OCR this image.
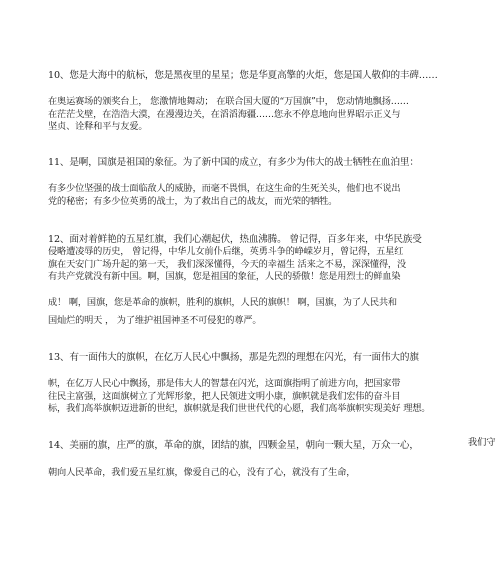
10、您是大海中的航标，您是黑夜里的星星；您是华夏高擎的火炬，您是国人敬仰的丰碑……
在奥运赛场的颁奖台上， 您激情地舞动； 在联合国大厦的“万国旗”中， 您动情地飘扬……
在茫茫戈壁，在浩浩大漠，在漫漫边关，在滔滔海疆……您永不停息地向世界昭示正义与
坚贞、诠释和平与友爱。
11、是啊，国旗是祖国的象征。为了新中国的成立，有多少为伟大的战士牺牲在血泊里：
有多少位坚强的战士面临敌人的威胁，而毫不畏惧，在这生命的生死关头，他们也不说出
党的秘密；有多少位英勇的战士，为了救出自己的战友，而光荣的牺牲。
12、面对着鲜艳的五星红旗，我们心潮起伏，热血沸腾。 曾记得，百多年来，中华民族受
侵略遭凌辱的历史， 曾记得，中华儿女前仆后继，英勇斗争的峥嵘岁月，曾记得，五星红
旗在天安门广场升起的第一天， 我们深深懂得，今天的幸福生 活来之不易，深深懂得，没
有共产党就没有新中国。啊，国旗，您是祖国的象征，人民的骄傲！您是用烈士的鲜血染
成！ 啊，国旗，您是革命的旗帜，胜利的旗帜，人民的旗帜！ 啊，国旗，为了人民共和
国灿烂的明天 ， 为了维护祖国神圣不可侵犯的尊严。
13、有一面伟大的旗帜，在亿万人民心中飘扬，那是先烈的理想在闪光，有一面伟大的旗
帜，在亿万人民心中飘扬，那是伟大人的智慧在闪光，这面旗指明了前进方向，把国家带
往民主富强，这面旗树立了光辉形象，把人民领进文明小康，旗帜就是我们宏伟的奋斗目
标，我们高举旗帜迈进新的世纪，旗帜就是我们世世代代的心愿，我们高举旗帜实现美好 理想。
14、美丽的旗，庄严的旗，革命的旗，团结的旗，四颗金星，朝向一颗大星，万众一心，	我们守
朝向人民革命，我们爱五星红旗，像爱自己的心，没有了心，就没有了生命，
